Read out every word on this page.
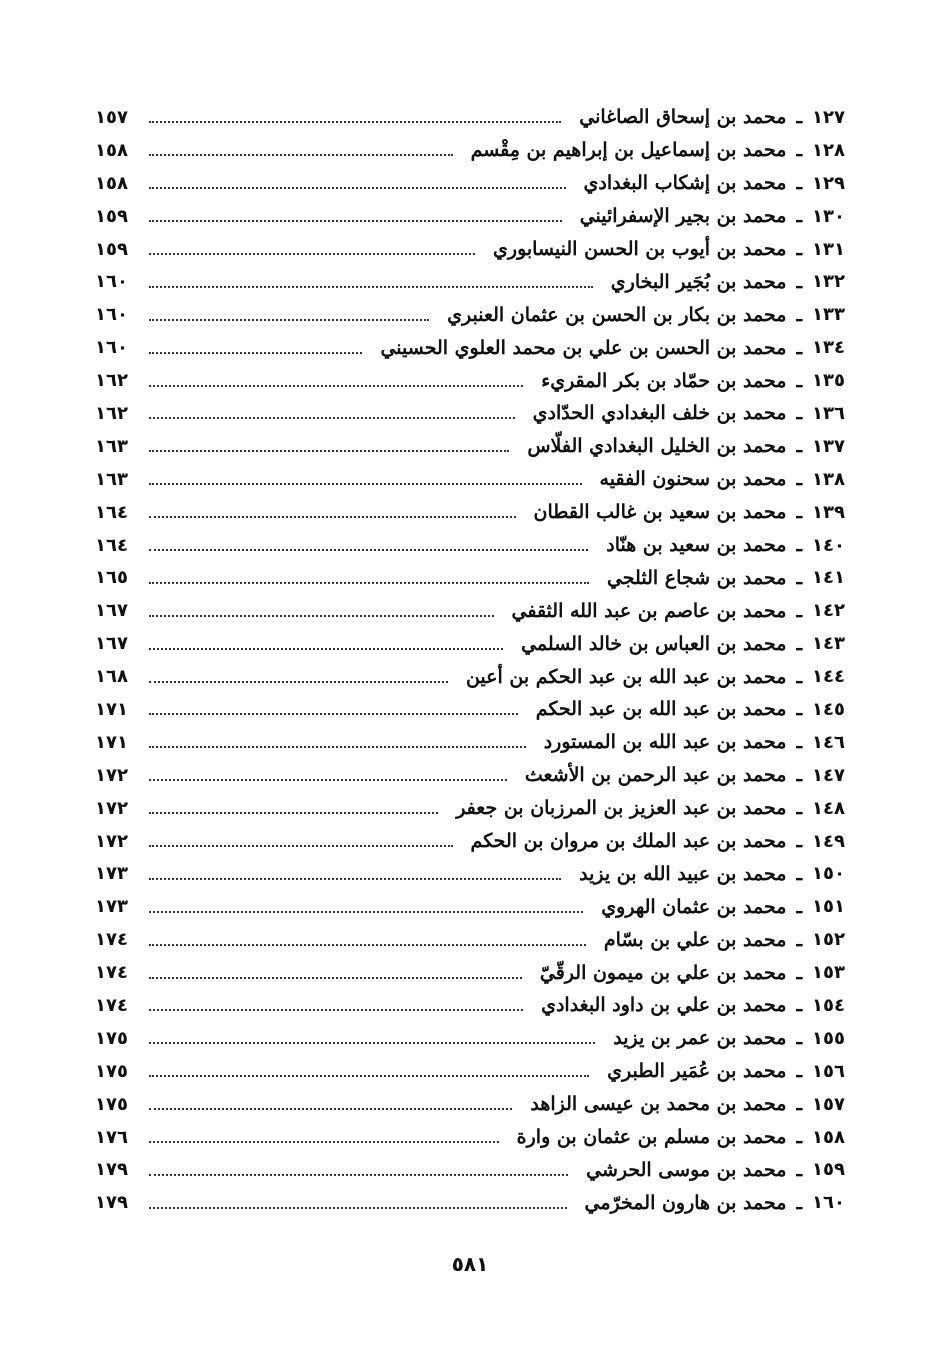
١٢٧
ـ
محمد بن إسحاق الصاغاني
١٥٧
١٢٨
ـ
محمد بن إسماعيل بن إبراهيم بن مِقْسم
١٥٨
١٢٩
ـ
محمد بن إشكاب البغدادي
١٥٨
١٣٠
ـ
محمد بن بجير الإسفرائيني
١٥٩
١٣١
ـ
محمد بن أيوب بن الحسن النيسابوري
١٥٩
١٣٢
ـ
محمد بن بُجَير البخاري
١٦٠
١٣٣
ـ
محمد بن بكار بن الحسن بن عثمان العنبري
١٦٠
١٣٤
ـ
محمد بن الحسن بن علي بن محمد العلوي الحسيني
١٦٠
١٣٥
ـ
محمد بن حمّاد بن بكر المقريء
١٦٢
١٣٦
ـ
محمد بن خلف البغدادي الحدّادي
١٦٢
١٣٧
ـ
محمد بن الخليل البغدادي الفلّاس
١٦٣
١٣٨
ـ
محمد بن سحنون الفقيه
١٦٣
١٣٩
ـ
محمد بن سعيد بن غالب القطان
١٦٤
١٤٠
ـ
محمد بن سعيد بن هنّاد
١٦٤
١٤١
ـ
محمد بن شجاع الثلجي
١٦٥
١٤٢
ـ
محمد بن عاصم بن عبد الله الثقفي
١٦٧
١٤٣
ـ
محمد بن العباس بن خالد السلمي
١٦٧
١٤٤
ـ
محمد بن عبد الله بن عبد الحكم بن أعين
١٦٨
١٤٥
ـ
محمد بن عبد الله بن عبد الحكم
١٧١
١٤٦
ـ
محمد بن عبد الله بن المستورد
١٧١
١٤٧
ـ
محمد بن عبد الرحمن بن الأشعث
١٧٢
١٤٨
ـ
محمد بن عبد العزيز بن المرزبان بن جعفر
١٧٢
١٤٩
ـ
محمد بن عبد الملك بن مروان بن الحكم
١٧٢
١٥٠
ـ
محمد بن عبيد الله بن يزيد
١٧٣
١٥١
ـ
محمد بن عثمان الهروي
١٧٣
١٥٢
ـ
محمد بن علي بن بسّام
١٧٤
١٥٣
ـ
محمد بن علي بن ميمون الرقّيّ
١٧٤
١٥٤
ـ
محمد بن علي بن داود البغدادي
١٧٤
١٥٥
ـ
محمد بن عمر بن يزيد
١٧٥
١٥٦
ـ
محمد بن عُمَير الطبري
١٧٥
١٥٧
ـ
محمد بن محمد بن عيسى الزاهد
١٧٥
١٥٨
ـ
محمد بن مسلم بن عثمان بن وارة
١٧٦
١٥٩
ـ
محمد بن موسى الحرشي
١٧٩
١٦٠
ـ
محمد بن هارون المخرّمي
١٧٩
٥٨١
